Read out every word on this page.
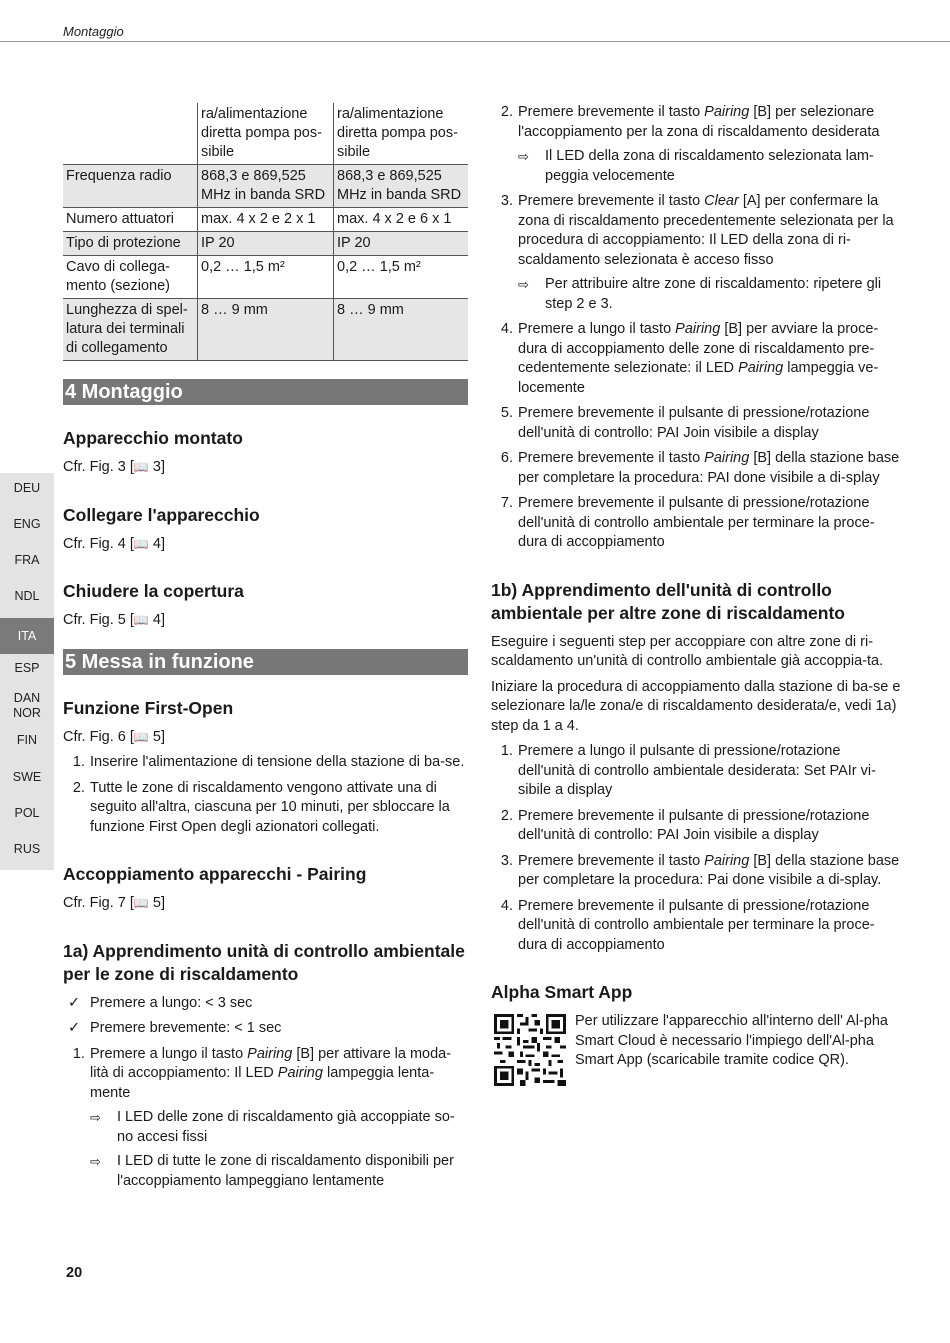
Montaggio
	ra/alimentazione diretta pompa pos-sibile	ra/alimentazione diretta pompa pos-sibile
Frequenza radio	868,3 e 869,525 MHz in banda SRD	868,3 e 869,525 MHz in banda SRD
Numero attuatori	max. 4 x 2 e 2 x 1	max. 4 x 2 e 6 x 1
Tipo di protezione	IP 20	IP 20
Cavo di collega-mento (sezione)	0,2 … 1,5 m²	0,2 … 1,5 m²
Lunghezza di spel-latura dei terminali di collegamento	8 … 9 mm	8 … 9 mm
4 Montaggio
Apparecchio montato
Cfr. Fig. 3 [📖 3]
Collegare l'apparecchio
Cfr. Fig. 4 [📖 4]
Chiudere la copertura
Cfr. Fig. 5 [📖 4]
5 Messa in funzione
Funzione First-Open
Cfr. Fig. 6 [📖 5]
1. Inserire l'alimentazione di tensione della stazione di ba-se.
2. Tutte le zone di riscaldamento vengono attivate una di seguito all'altra, ciascuna per 10 minuti, per sbloccare la funzione First Open degli azionatori collegati.
Accoppiamento apparecchi - Pairing
Cfr. Fig. 7 [📖 5]
1a) Apprendimento unità di controllo ambientale per le zone di riscaldamento
✓ Premere a lungo: < 3 sec
✓ Premere brevemente: < 1 sec
1. Premere a lungo il tasto Pairing [B] per attivare la moda-lità di accoppiamento: Il LED Pairing lampeggia lenta-mente
⇨ I LED delle zone di riscaldamento già accoppiate so-no accesi fissi
⇨ I LED di tutte le zone di riscaldamento disponibili per l'accoppiamento lampeggiano lentamente
2. Premere brevemente il tasto Pairing [B] per selezionare l'accoppiamento per la zona di riscaldamento desiderata
⇨ Il LED della zona di riscaldamento selezionata lam-peggia velocemente
3. Premere brevemente il tasto Clear [A] per confermare la zona di riscaldamento precedentemente selezionata per la procedura di accoppiamento: Il LED della zona di ri-scaldamento selezionata è acceso fisso
⇨ Per attribuire altre zone di riscaldamento: ripetere gli step 2 e 3.
4. Premere a lungo il tasto Pairing [B] per avviare la proce-dura di accoppiamento delle zone di riscaldamento pre-cedentemente selezionate: il LED Pairing lampeggia ve-locemente
5. Premere brevemente il pulsante di pressione/rotazione dell'unità di controllo: PAI Join visibile a display
6. Premere brevemente il tasto Pairing [B] della stazione base per completare la procedura: PAI done visibile a di-splay
7. Premere brevemente il pulsante di pressione/rotazione dell'unità di controllo ambientale per terminare la proce-dura di accoppiamento
1b) Apprendimento dell'unità di controllo ambientale per altre zone di riscaldamento
Eseguire i seguenti step per accoppiare con altre zone di ri-scaldamento un'unità di controllo ambientale già accoppia-ta.
Iniziare la procedura di accoppiamento dalla stazione di ba-se e selezionare la/le zona/e di riscaldamento desiderata/e, vedi 1a) step da 1 a 4.
1. Premere a lungo il pulsante di pressione/rotazione dell'unità di controllo ambientale desiderata: Set PAIr vi-sibile a display
2. Premere brevemente il pulsante di pressione/rotazione dell'unità di controllo: PAI Join visibile a display
3. Premere brevemente il tasto Pairing [B] della stazione base per completare la procedura: Pai done visibile a di-splay.
4. Premere brevemente il pulsante di pressione/rotazione dell'unità di controllo ambientale per terminare la proce-dura di accoppiamento
Alpha Smart App
Per utilizzare l'apparecchio all'interno dell' Al-pha Smart Cloud è necessario l'impiego dell'Al-pha Smart App (scaricabile tramite codice QR).
DEU
ENG
FRA
NDL
ITA
ESP
DAN NOR
FIN
SWE
POL
RUS
20
